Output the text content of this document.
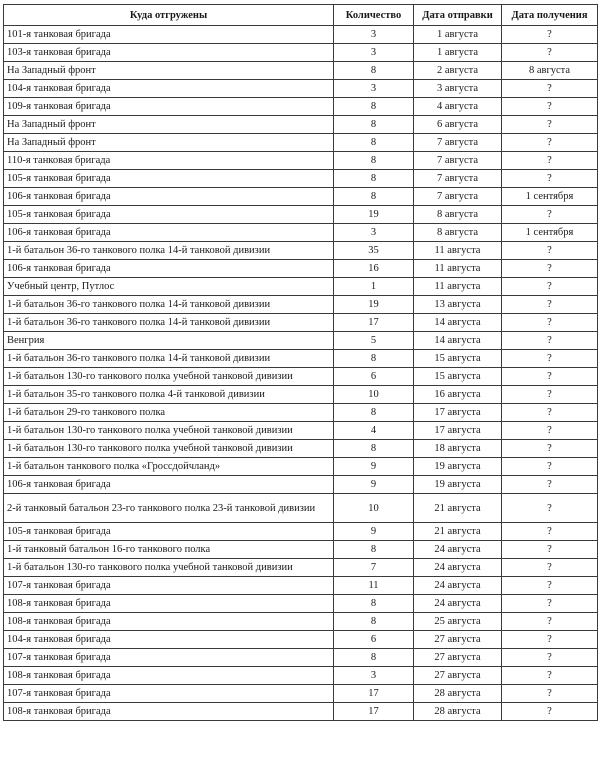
Куда отгружены	Количество	Дата отправки	Дата получения
101-я танковая бригада	3	1 августа	?
103-я танковая бригада	3	1 августа	?
На Западный фронт	8	2 августа	8 августа
104-я танковая бригада	3	3 августа	?
109-я танковая бригада	8	4 августа	?
На Западный фронт	8	6 августа	?
На Западный фронт	8	7 августа	?
110-я танковая бригада	8	7 августа	?
105-я танковая бригада	8	7 августа	?
106-я танковая бригада	8	7 августа	1 сентября
105-я танковая бригада	19	8 августа	?
106-я танковая бригада	3	8 августа	1 сентября
1-й батальон 36-го танкового полка 14-й танковой дивизии	35	11 августа	?
106-я танковая бригада	16	11 августа	?
Учебный центр, Путлос	1	11 августа	?
1-й батальон 36-го танкового полка 14-й танковой дивизии	19	13 августа	?
1-й батальон 36-го танкового полка 14-й танковой дивизии	17	14 августа	?
Венгрия	5	14 августа	?
1-й батальон 36-го танкового полка 14-й танковой дивизии	8	15 августа	?
1-й батальон 130-го танкового полка учебной танковой дивизии	6	15 августа	?
1-й батальон 35-го танкового полка 4-й танковой дивизии	10	16 августа	?
1-й батальон 29-го танкового полка	8	17 августа	?
1-й батальон 130-го танкового полка учебной танковой дивизии	4	17 августа	?
1-й батальон 130-го танкового полка учебной танковой дивизии	8	18 августа	?
1-й батальон танкового полка «Гроссдойчланд»	9	19 августа	?
106-я танковая бригада	9	19 августа	?
2-й танковый батальон 23-го танкового полка 23-й танковой дивизии	10	21 августа	?
105-я танковая бригада	9	21 августа	?
1-й танковый батальон 16-го танкового полка	8	24 августа	?
1-й батальон 130-го танкового полка учебной танковой дивизии	7	24 августа	?
107-я танковая бригада	11	24 августа	?
108-я танковая бригада	8	24 августа	?
108-я танковая бригада	8	25 августа	?
104-я танковая бригада	6	27 августа	?
107-я танковая бригада	8	27 августа	?
108-я танковая бригада	3	27 августа	?
107-я танковая бригада	17	28 августа	?
108-я танковая бригада	17	28 августа	?
